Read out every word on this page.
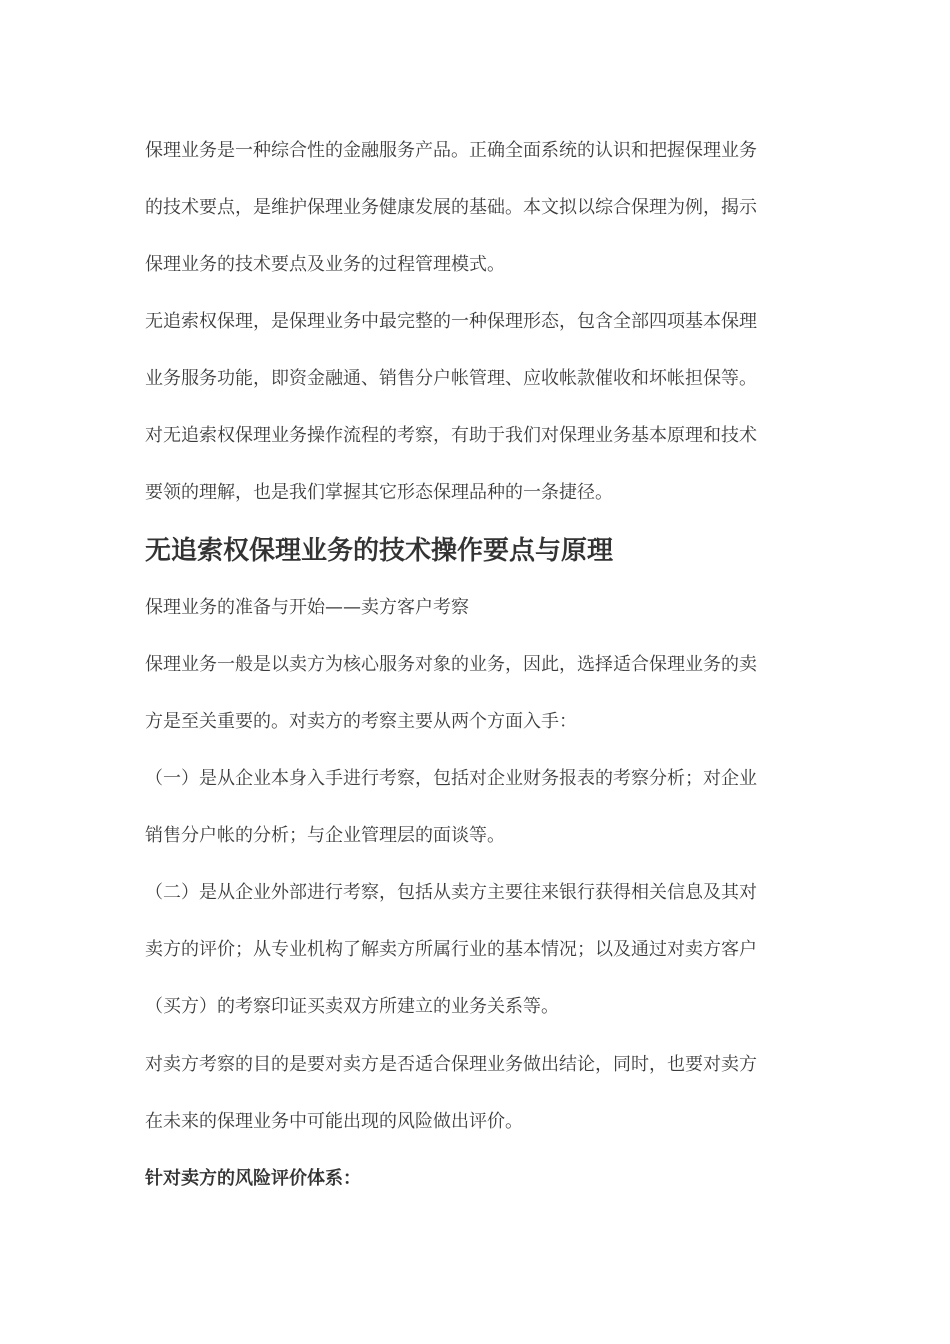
保理业务是一种综合性的金融服务产品。正确全面系统的认识和把握保理业务
的技术要点，是维护保理业务健康发展的基础。本文拟以综合保理为例，揭示
保理业务的技术要点及业务的过程管理模式。
无追索权保理，是保理业务中最完整的一种保理形态，包含全部四项基本保理
业务服务功能，即资金融通、销售分户帐管理、应收帐款催收和坏帐担保等。
对无追索权保理业务操作流程的考察，有助于我们对保理业务基本原理和技术
要领的理解，也是我们掌握其它形态保理品种的一条捷径。
无追索权保理业务的技术操作要点与原理
保理业务的准备与开始——卖方客户考察
保理业务一般是以卖方为核心服务对象的业务，因此，选择适合保理业务的卖
方是至关重要的。对卖方的考察主要从两个方面入手：
（一）是从企业本身入手进行考察，包括对企业财务报表的考察分析；对企业
销售分户帐的分析；与企业管理层的面谈等。
（二）是从企业外部进行考察，包括从卖方主要往来银行获得相关信息及其对
卖方的评价；从专业机构了解卖方所属行业的基本情况；以及通过对卖方客户
（买方）的考察印证买卖双方所建立的业务关系等。
对卖方考察的目的是要对卖方是否适合保理业务做出结论，同时，也要对卖方
在未来的保理业务中可能出现的风险做出评价。
针对卖方的风险评价体系：
